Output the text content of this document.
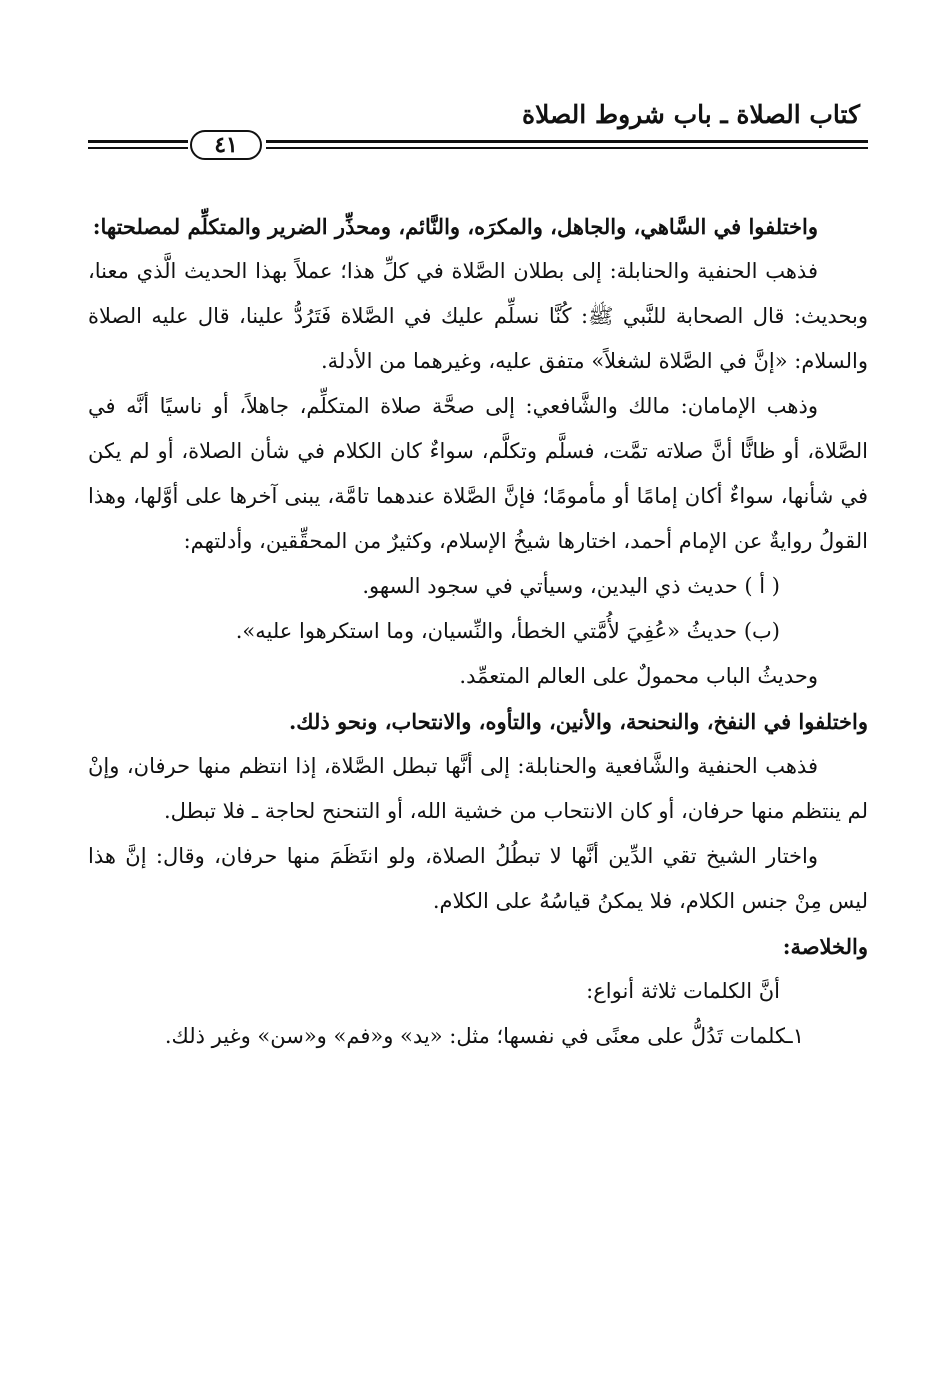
كتاب الصلاة ـ باب شروط الصلاة
٤١

واختلفوا في السَّاهي، والجاهل، والمكرَه، والنَّائم، ومحذِّر الضرير والمتكلِّم لمصلحتها:

فذهب الحنفية والحنابلة: إلى بطلان الصَّلاة في كلِّ هذا؛ عملاً بهذا الحديث الَّذي معنا، وبحديث: قال الصحابة للنَّبي ﷺ: كُنَّا نسلِّم عليك في الصَّلاة فَتَرُدُّ علينا، قال عليه الصلاة والسلام: «إنَّ في الصَّلاة لشغلاً» متفق عليه، وغيرهما من الأدلة.

وذهب الإمامان: مالك والشَّافعي: إلى صحَّة صلاة المتكلِّم، جاهلاً، أو ناسيًا أنَّه في الصَّلاة، أو ظانًّا أنَّ صلاته تمَّت، فسلَّم وتكلَّم، سواءٌ كان الكلام في شأن الصلاة، أو لم يكن في شأنها، سواءٌ أكان إمامًا أو مأمومًا؛ فإنَّ الصَّلاة عندهما تامَّة، يبنى آخرها على أوَّلها، وهذا القولُ روايةٌ عن الإمام أحمد، اختارها شيخُ الإسلام، وكثيرٌ من المحقِّقين، وأدلتهم:

( أ ) حديث ذي اليدين، وسيأتي في سجود السهو.

(ب) حديثُ «عُفِيَ لأُمَّتي الخطأ، والنِّسيان، وما استكرهوا عليه».

وحديثُ الباب محمولٌ على العالم المتعمِّد.

واختلفوا في النفخ، والنحنحة، والأنين، والتأوه، والانتحاب، ونحو ذلك.

فذهب الحنفية والشَّافعية والحنابلة: إلى أنَّها تبطل الصَّلاة، إذا انتظم منها حرفان، وإنْ لم ينتظم منها حرفان، أو كان الانتحاب من خشية الله، أو التنحنح لحاجة ـ فلا تبطل.

واختار الشيخ تقي الدِّين أنَّها لا تبطُلُ الصلاة، ولو انتَظَمَ منها حرفان، وقال: إنَّ هذا ليس مِنْ جنس الكلام، فلا يمكنُ قياسُهُ على الكلام.

والخلاصة:

أنَّ الكلمات ثلاثة أنواع:

١ـكلمات تَدُلُّ على معنًى في نفسها؛ مثل: «يد» و«فم» و«سن» وغير ذلك.
